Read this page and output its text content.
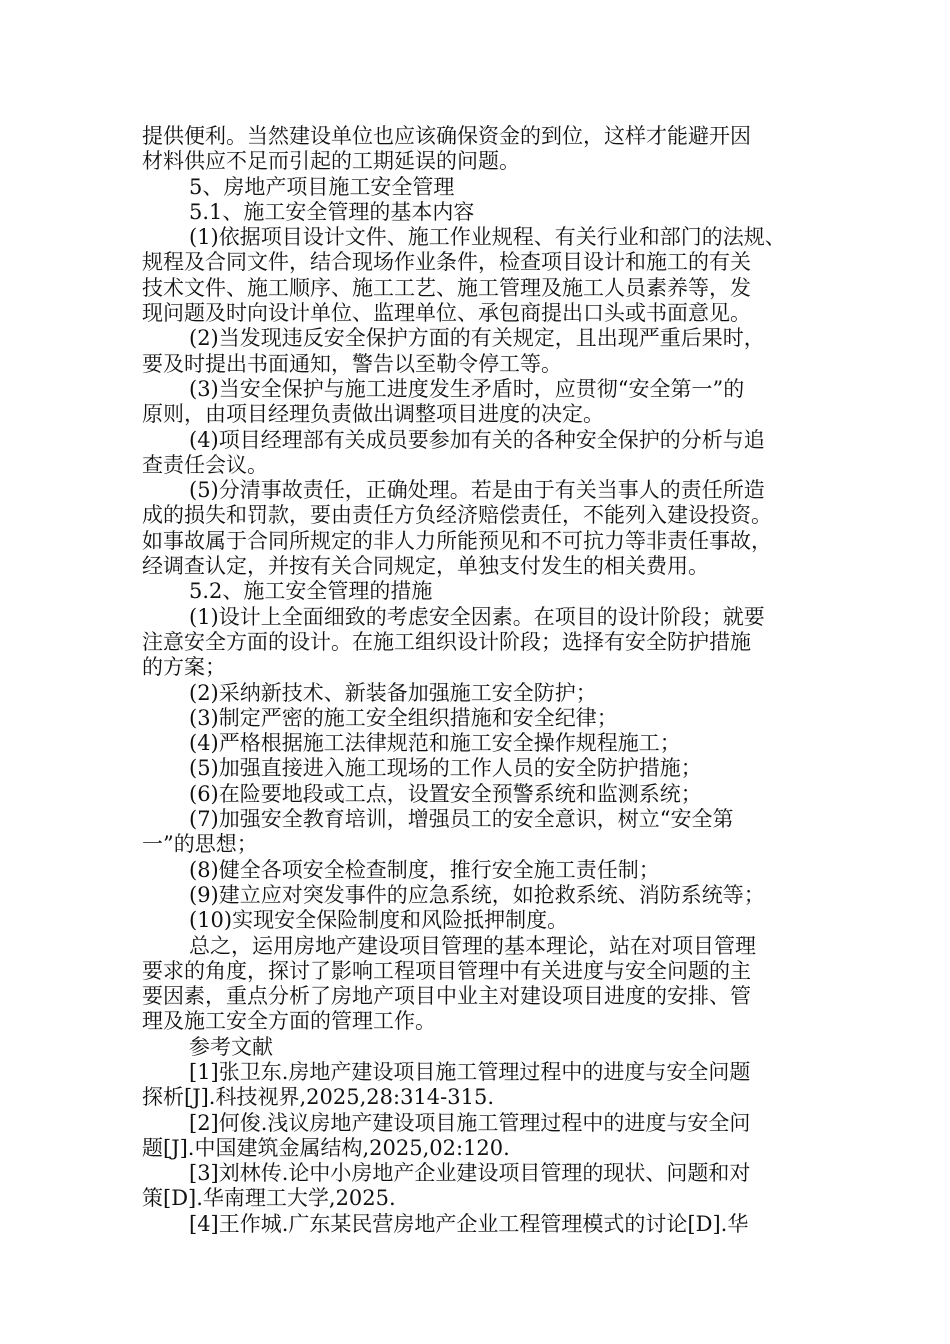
提供便利。当然建设单位也应该确保资金的到位，这样才能避开因

材料供应不足而引起的工期延误的问题。

5、房地产项目施工安全管理

5.1、施工安全管理的基本内容

(1)依据项目设计文件、施工作业规程、有关行业和部门的法规、

规程及合同文件，结合现场作业条件，检查项目设计和施工的有关

技术文件、施工顺序、施工工艺、施工管理及施工人员素养等，发

现问题及时向设计单位、监理单位、承包商提出口头或书面意见。

(2)当发现违反安全保护方面的有关规定，且出现严重后果时，

要及时提出书面通知，警告以至勒令停工等。

(3)当安全保护与施工进度发生矛盾时，应贯彻“安全第一”的

原则，由项目经理负责做出调整项目进度的决定。

(4)项目经理部有关成员要参加有关的各种安全保护的分析与追

查责任会议。

(5)分清事故责任，正确处理。若是由于有关当事人的责任所造

成的损失和罚款，要由责任方负经济赔偿责任，不能列入建设投资。

如事故属于合同所规定的非人力所能预见和不可抗力等非责任事故，

经调查认定，并按有关合同规定，单独支付发生的相关费用。

5.2、施工安全管理的措施

(1)设计上全面细致的考虑安全因素。在项目的设计阶段；就要

注意安全方面的设计。在施工组织设计阶段；选择有安全防护措施

的方案；

(2)采纳新技术、新装备加强施工安全防护；

(3)制定严密的施工安全组织措施和安全纪律；

(4)严格根据施工法律规范和施工安全操作规程施工；

(5)加强直接进入施工现场的工作人员的安全防护措施；

(6)在险要地段或工点，设置安全预警系统和监测系统；

(7)加强安全教育培训，增强员工的安全意识，树立“安全第

一”的思想；

(8)健全各项安全检查制度，推行安全施工责任制；

(9)建立应对突发事件的应急系统，如抢救系统、消防系统等；

(10)实现安全保险制度和风险抵押制度。

总之，运用房地产建设项目管理的基本理论，站在对项目管理

要求的角度，探讨了影响工程项目管理中有关进度与安全问题的主

要因素，重点分析了房地产项目中业主对建设项目进度的安排、管

理及施工安全方面的管理工作。

参考文献

[1]张卫东.房地产建设项目施工管理过程中的进度与安全问题

探析[J].科技视界,2025,28:314-315.

[2]何俊.浅议房地产建设项目施工管理过程中的进度与安全问

题[J].中国建筑金属结构,2025,02:120.

[3]刘林传.论中小房地产企业建设项目管理的现状、问题和对

策[D].华南理工大学,2025.

[4]王作城.广东某民营房地产企业工程管理模式的讨论[D].华
